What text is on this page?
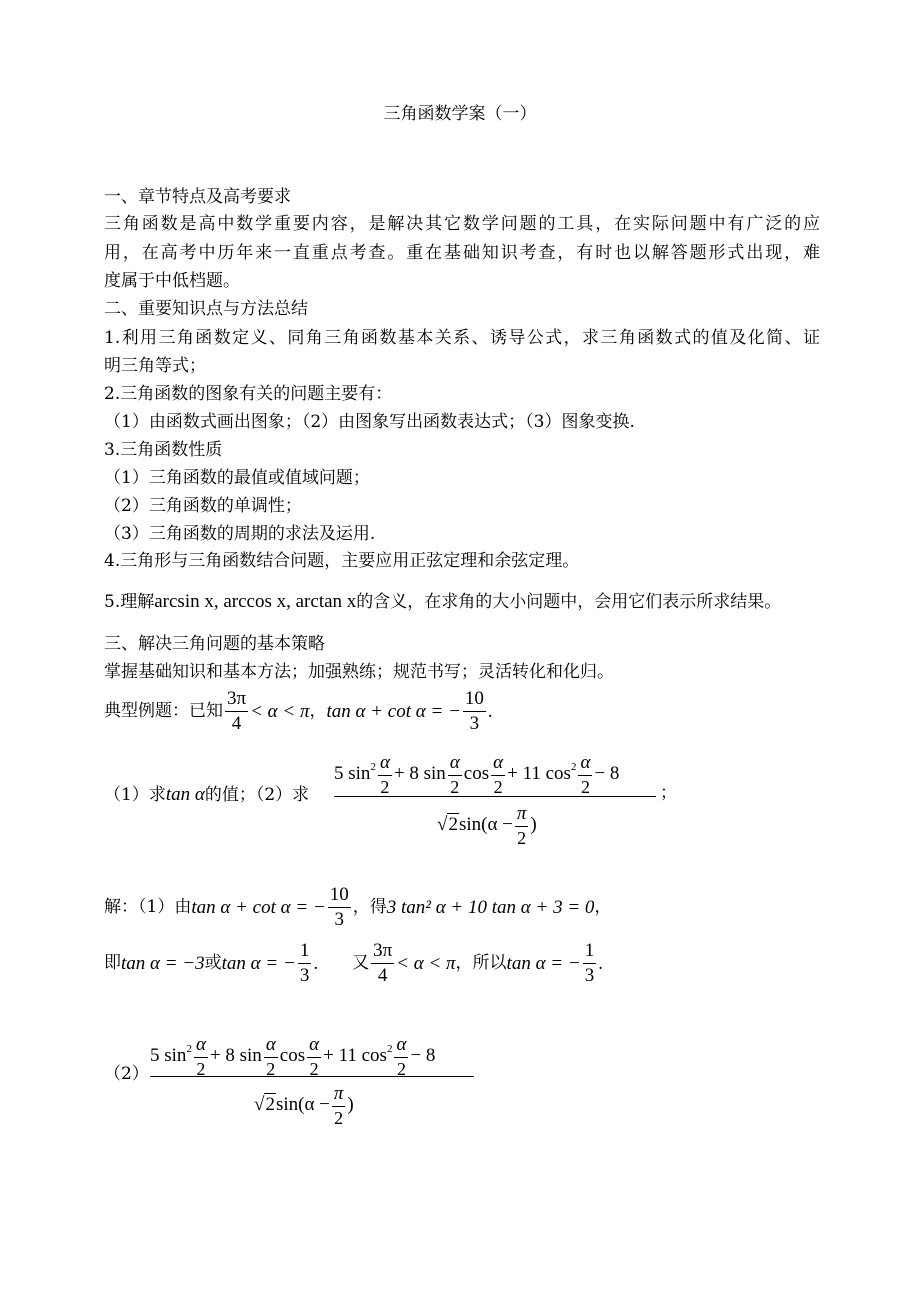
三角函数学案（一）
一、章节特点及高考要求
三角函数是高中数学重要内容，是解决其它数学问题的工具，在实际问题中有广泛的应
用，在高考中历年来一直重点考查。重在基础知识考查，有时也以解答题形式出现，难
度属于中低档题。
二、重要知识点与方法总结
1.利用三角函数定义、同角三角函数基本关系、诱导公式，求三角函数式的值及化简、证
明三角等式；
2.三角函数的图象有关的问题主要有：
（1）由函数式画出图象；（2）由图象写出函数表达式；（3）图象变换.
3.三角函数性质
（1）三角函数的最值或值域问题；
（2）三角函数的单调性；
（3）三角函数的周期的求法及运用.
4.三角形与三角函数结合问题，主要应用正弦定理和余弦定理。
5.理解arcsin x, arccos x, arctan x的含义，在求角的大小问题中，会用它们表示所求结果。
三、解决三角问题的基本策略
掌握基础知识和基本方法；加强熟练；规范书写；灵活转化和化归。
典型例题：已知 $\frac{3\pi}{4} < \alpha < \pi$，tan α + cot α = − $\frac{10}{3}$ .
（1）求tan α的值；（2）求
5 $\sin^2 \frac{\alpha}{2} + 8$ $\sin \frac{\alpha}{2}$ $\cos \frac{\alpha}{2} + 11$ $\cos^2 \frac{\alpha}{2} - 8$
$√2\sin(\alpha - \frac{\pi}{2}$ )
；
解：（1）由tan α + cot α = − $\frac{10}{3}$ ，得3 tan² α + 10 tan α + 3 = 0，
即tan α = −3或tan α = − $\frac{1}{3}$ . 又 $\frac{3\pi}{4} < \alpha < \pi$，所以tan α = − $\frac{1}{3}$ .
（2）
5 $\sin^2 \frac{\alpha}{2} + 8$ $\sin \frac{\alpha}{2}$ $\cos \frac{\alpha}{2} + 11$ $\cos^2 \frac{\alpha}{2} - 8$
$√2\sin(\alpha - \frac{\pi}{2}$ )
